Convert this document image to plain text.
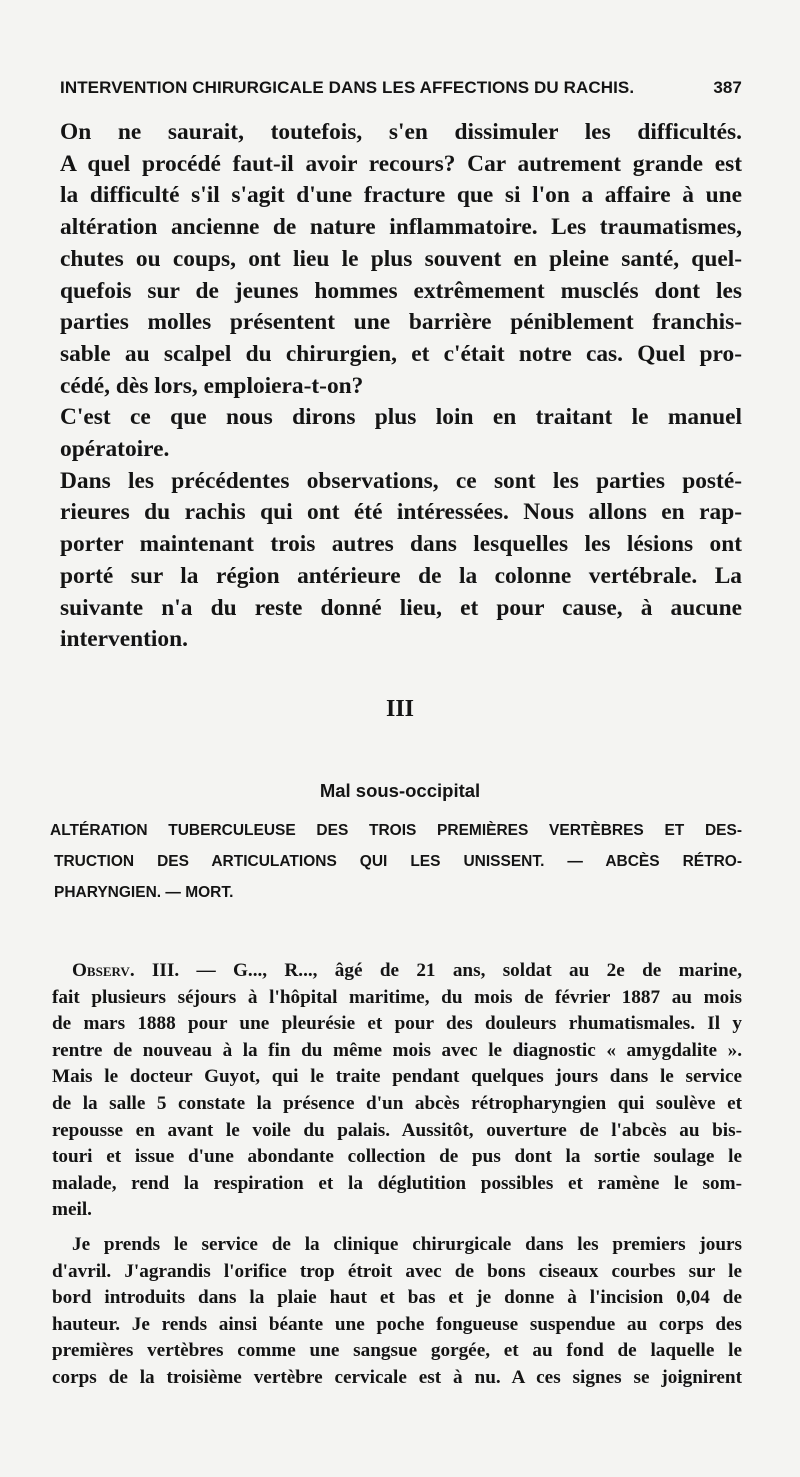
INTERVENTION CHIRURGICALE DANS LES AFFECTIONS DU RACHIS.	387

On ne saurait, toutefois, s'en dissimuler les difficultés.
A quel procédé faut-il avoir recours? Car autrement grande est
la difficulté s'il s'agit d'une fracture que si l'on a affaire à une
altération ancienne de nature inflammatoire. Les traumatismes,
chutes ou coups, ont lieu le plus souvent en pleine santé, quel-
quefois sur de jeunes hommes extrêmement musclés dont les
parties molles présentent une barrière péniblement franchis-
sable au scalpel du chirurgien, et c'était notre cas. Quel pro-
cédé, dès lors, emploiera-t-on?

C'est ce que nous dirons plus loin en traitant le manuel
opératoire.

Dans les précédentes observations, ce sont les parties posté-
rieures du rachis qui ont été intéressées. Nous allons en rap-
porter maintenant trois autres dans lesquelles les lésions ont
porté sur la région antérieure de la colonne vertébrale. La
suivante n'a du reste donné lieu, et pour cause, à aucune
intervention.

III
Mal sous-occipital
ALTÉRATION TUBERCULEUSE DES TROIS PREMIÈRES VERTÈBRES ET DES-
TRUCTION DES ARTICULATIONS QUI LES UNISSENT. — ABCÈS RÉTRO-
PHARYNGIEN. — MORT.
Observ. III. — G..., R..., âgé de 21 ans, soldat au 2e de marine,
fait plusieurs séjours à l'hôpital maritime, du mois de février 1887 au mois
de mars 1888 pour une pleurésie et pour des douleurs rhumatismales. Il y
rentre de nouveau à la fin du même mois avec le diagnostic « amygdalite ».
Mais le docteur Guyot, qui le traite pendant quelques jours dans le service
de la salle 5 constate la présence d'un abcès rétropharyngien qui soulève et
repousse en avant le voile du palais. Aussitôt, ouverture de l'abcès au bis-
touri et issue d'une abondante collection de pus dont la sortie soulage le
malade, rend la respiration et la déglutition possibles et ramène le som-
meil.
Je prends le service de la clinique chirurgicale dans les premiers jours
d'avril. J'agrandis l'orifice trop étroit avec de bons ciseaux courbes sur le
bord introduits dans la plaie haut et bas et je donne à l'incision 0,04 de
hauteur. Je rends ainsi béante une poche fongueuse suspendue au corps des
premières vertèbres comme une sangsue gorgée, et au fond de laquelle le
corps de la troisième vertèbre cervicale est à nu. A ces signes se joignirent
